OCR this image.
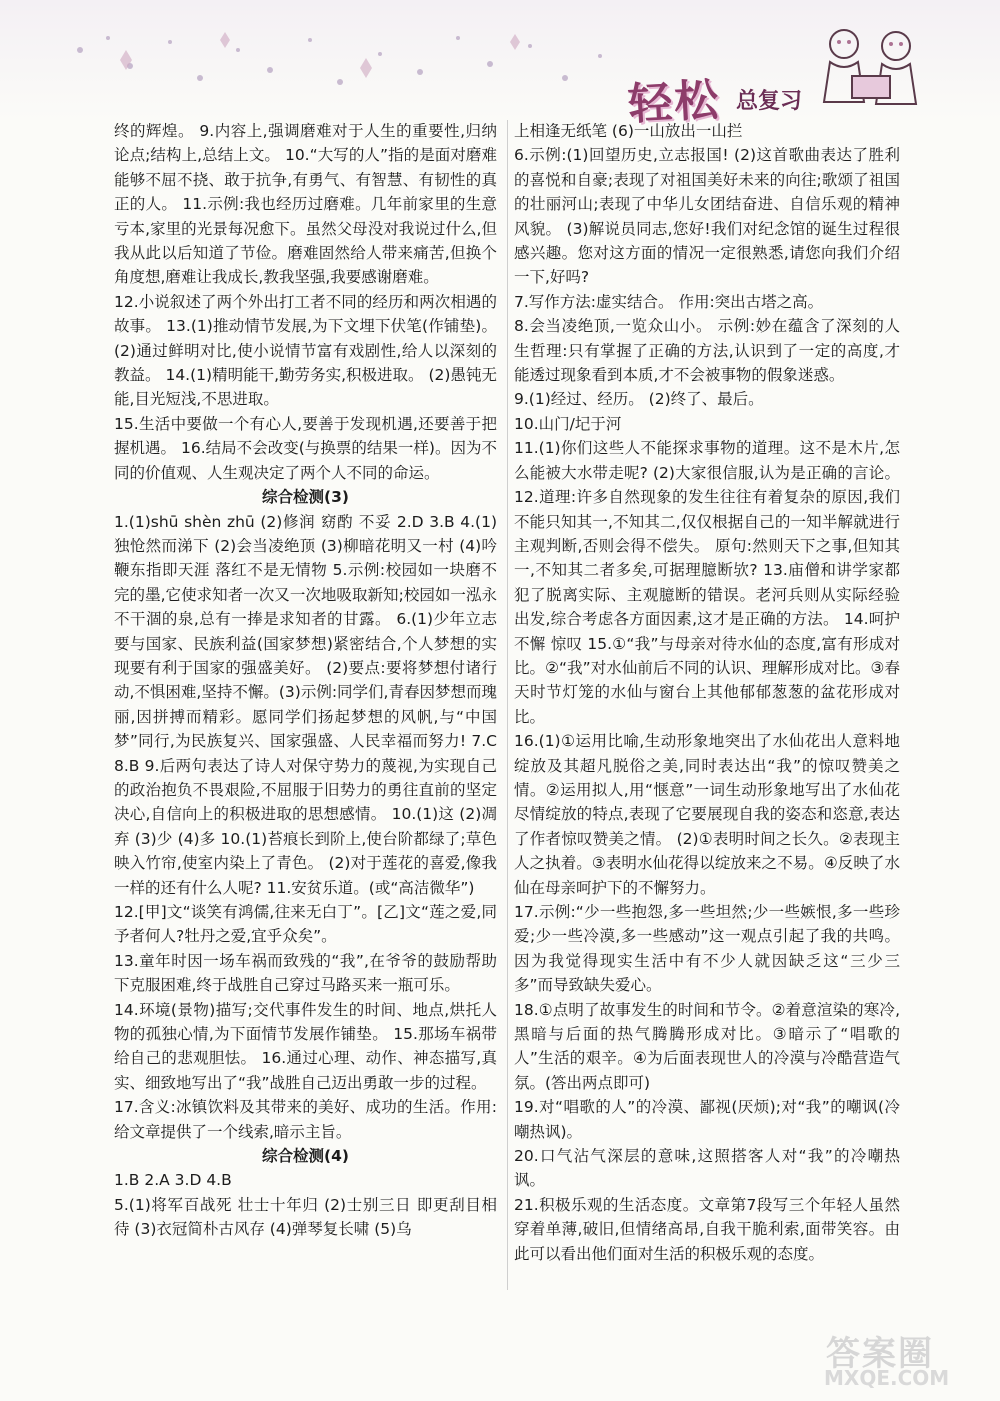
轻松 总复习

终的辉煌。 9.内容上,强调磨难对于人生的重要性,归纳论点;结构上,总结上文。 10.“大写的人”指的是面对磨难能够不屈不挠、敢于抗争,有勇气、有智慧、有韧性的真正的人。 11.示例:我也经历过磨难。几年前家里的生意亏本,家里的光景每况愈下。虽然父母没对我说过什么,但我从此以后知道了节俭。磨难固然给人带来痛苦,但换个角度想,磨难让我成长,教我坚强,我要感谢磨难。

12.小说叙述了两个外出打工者不同的经历和两次相遇的故事。 13.(1)推动情节发展,为下文埋下伏笔(作铺垫)。 (2)通过鲜明对比,使小说情节富有戏剧性,给人以深刻的教益。 14.(1)精明能干,勤劳务实,积极进取。 (2)愚钝无能,目光短浅,不思进取。

15.生活中要做一个有心人,要善于发现机遇,还要善于把握机遇。 16.结局不会改变(与换票的结果一样)。因为不同的价值观、人生观决定了两个人不同的命运。

综合检测(3)

1.(1)shū shèn zhū (2)修润 窈酌 不妥 2.D 3.B 4.(1)独怆然而涕下 (2)会当凌绝顶 (3)柳暗花明又一村 (4)吟鞭东指即天涯 落红不是无情物 5.示例:校园如一块磨不完的墨,它使求知者一次又一次地吸取新知;校园如一泓永不干涸的泉,总有一捧是求知者的甘露。 6.(1)少年立志要与国家、民族利益(国家梦想)紧密结合,个人梦想的实现要有利于国家的强盛美好。 (2)要点:要将梦想付诸行动,不惧困难,坚持不懈。(3)示例:同学们,青春因梦想而瑰丽,因拼搏而精彩。愿同学们扬起梦想的风帆,与“中国梦”同行,为民族复兴、国家强盛、人民幸福而努力! 7.C 8.B 9.后两句表达了诗人对保守势力的蔑视,为实现自己的政治抱负不畏艰险,不屈服于旧势力的勇往直前的坚定决心,自信向上的积极进取的思想感情。 10.(1)这 (2)凋弃 (3)少 (4)多 10.(1)苔痕长到阶上,使台阶都绿了;草色映入竹帘,使室内染上了青色。 (2)对于莲花的喜爱,像我一样的还有什么人呢? 11.安贫乐道。(或“高洁微华”)

12.[甲]文“谈笑有鸿儒,往来无白丁”。[乙]文“莲之爱,同予者何人?牡丹之爱,宜乎众矣”。

13.童年时因一场车祸而致残的“我”,在爷爷的鼓励帮助下克服困难,终于战胜自己穿过马路买来一瓶可乐。

14.环境(景物)描写;交代事件发生的时间、地点,烘托人物的孤独心情,为下面情节发展作铺垫。 15.那场车祸带给自己的悲观胆怯。 16.通过心理、动作、神态描写,真实、细致地写出了“我”战胜自己迈出勇敢一步的过程。

17.含义:冰镇饮料及其带来的美好、成功的生活。作用:给文章提供了一个线索,暗示主旨。

综合检测(4)

1.B 2.A 3.D 4.B

5.(1)将军百战死 壮士十年归 (2)士别三日 即更刮目相待 (3)衣冠简朴古风存 (4)弹琴复长啸 (5)乌

上相逢无纸笔 (6)一山放出一山拦

6.示例:(1)回望历史,立志报国! (2)这首歌曲表达了胜利的喜悦和自豪;表现了对祖国美好未来的向往;歌颂了祖国的壮丽河山;表现了中华儿女团结奋进、自信乐观的精神风貌。 (3)解说员同志,您好!我们对纪念馆的诞生过程很感兴趣。您对这方面的情况一定很熟悉,请您向我们介绍一下,好吗?

7.写作方法:虚实结合。 作用:突出古塔之高。

8.会当凌绝顶,一览众山小。 示例:妙在蕴含了深刻的人生哲理:只有掌握了正确的方法,认识到了一定的高度,才能透过现象看到本质,才不会被事物的假象迷惑。

9.(1)经过、经历。 (2)终了、最后。

10.山门/圮于河

11.(1)你们这些人不能探求事物的道理。这不是木片,怎么能被大水带走呢? (2)大家很信服,认为是正确的言论。 12.道理:许多自然现象的发生往往有着复杂的原因,我们不能只知其一,不知其二,仅仅根据自己的一知半解就进行主观判断,否则会得不偿失。 原句:然则天下之事,但知其一,不知其二者多矣,可据理臆断欤? 13.庙僧和讲学家都犯了脱离实际、主观臆断的错误。老河兵则从实际经验出发,综合考虑各方面因素,这才是正确的方法。 14.呵护 不懈 惊叹 15.①“我”与母亲对待水仙的态度,富有形成对比。②“我”对水仙前后不同的认识、理解形成对比。③春天时节灯笼的水仙与窗台上其他郁郁葱葱的盆花形成对比。

16.(1)①运用比喻,生动形象地突出了水仙花出人意料地绽放及其超凡脱俗之美,同时表达出“我”的惊叹赞美之情。②运用拟人,用“惬意”一词生动形象地写出了水仙花尽情绽放的特点,表现了它要展现自我的姿态和恣意,表达了作者惊叹赞美之情。 (2)①表明时间之长久。②表现主人之执着。③表明水仙花得以绽放来之不易。④反映了水仙在母亲呵护下的不懈努力。

17.示例:“少一些抱怨,多一些坦然;少一些嫉恨,多一些珍爱;少一些冷漠,多一些感动”这一观点引起了我的共鸣。因为我觉得现实生活中有不少人就因缺乏这“三少三多”而导致缺失爱心。

18.①点明了故事发生的时间和节令。②着意渲染的寒冷,黑暗与后面的热气腾腾形成对比。③暗示了“唱歌的人”生活的艰辛。④为后面表现世人的冷漠与冷酷营造气氛。(答出两点即可)

19.对“唱歌的人”的冷漠、鄙视(厌烦);对“我”的嘲讽(冷嘲热讽)。

20.口气沾气深层的意味,这照搭客人对“我”的冷嘲热讽。

21.积极乐观的生活态度。文章第7段写三个年轻人虽然穿着单薄,破旧,但情绪高昂,自我干脆利索,面带笑容。由此可以看出他们面对生活的积极乐观的态度。

答案圈
MXQE.COM
